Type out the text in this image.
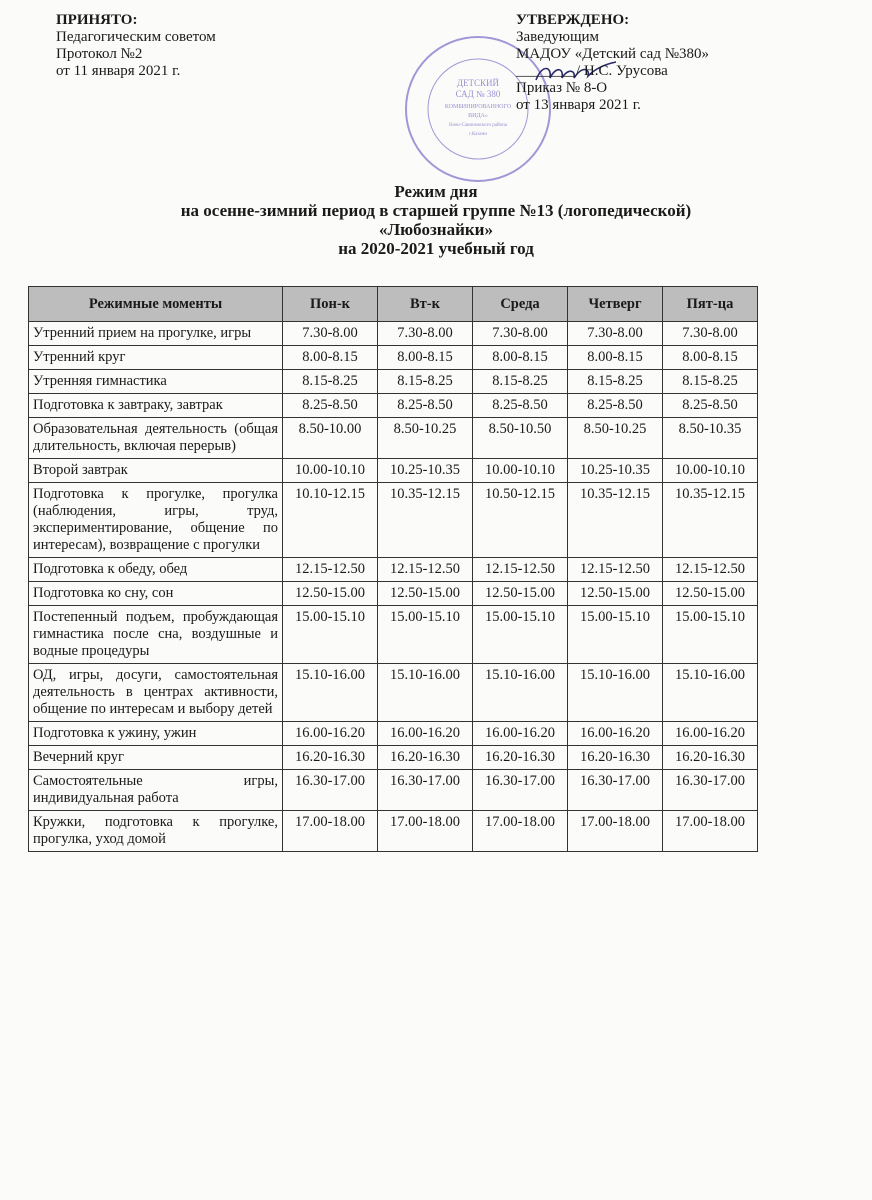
ПРИНЯТО:
Педагогическим советом
Протокол №2
от 11 января 2021 г.
ДЕТСКИЙ
САД № 380
КОМБИНИРОВАННОГО
ВИДА»
Ново-Савиновского района
г.Казани
УТВЕРЖДЕНО:
Заведующим
МАДОУ «Детский сад №380»
________/ Н.С. Урусова
Приказ № 8-О
от 13 января 2021 г.
Режим дня
на осенне-зимний период в старшей группе №13 (логопедической)
«Любознайки»
на 2020-2021 учебный год
Режимные моменты	Пон-к	Вт-к	Среда	Четверг	Пят-ца
Утренний прием на прогулке, игры	7.30-8.00	7.30-8.00	7.30-8.00	7.30-8.00	7.30-8.00
Утренний круг	8.00-8.15	8.00-8.15	8.00-8.15	8.00-8.15	8.00-8.15
Утренняя гимнастика	8.15-8.25	8.15-8.25	8.15-8.25	8.15-8.25	8.15-8.25
Подготовка к завтраку, завтрак	8.25-8.50	8.25-8.50	8.25-8.50	8.25-8.50	8.25-8.50
Образовательная деятельность (общая длительность, включая перерыв)	8.50-10.00	8.50-10.25	8.50-10.50	8.50-10.25	8.50-10.35
Второй завтрак	10.00-10.10	10.25-10.35	10.00-10.10	10.25-10.35	10.00-10.10
Подготовка к прогулке, прогулка (наблюдения, игры, труд, экспериментирование, общение по интересам), возвращение с прогулки	10.10-12.15	10.35-12.15	10.50-12.15	10.35-12.15	10.35-12.15
Подготовка к обеду, обед	12.15-12.50	12.15-12.50	12.15-12.50	12.15-12.50	12.15-12.50
Подготовка ко сну, сон	12.50-15.00	12.50-15.00	12.50-15.00	12.50-15.00	12.50-15.00
Постепенный подъем, пробуждающая гимнастика после сна, воздушные и водные процедуры	15.00-15.10	15.00-15.10	15.00-15.10	15.00-15.10	15.00-15.10
ОД, игры, досуги, самостоятельная деятельность в центрах активности, общение по интересам и выбору детей	15.10-16.00	15.10-16.00	15.10-16.00	15.10-16.00	15.10-16.00
Подготовка к ужину, ужин	16.00-16.20	16.00-16.20	16.00-16.20	16.00-16.20	16.00-16.20
Вечерний круг	16.20-16.30	16.20-16.30	16.20-16.30	16.20-16.30	16.20-16.30
Самостоятельные игры, индивидуальная работа	16.30-17.00	16.30-17.00	16.30-17.00	16.30-17.00	16.30-17.00
Кружки, подготовка к прогулке, прогулка, уход домой	17.00-18.00	17.00-18.00	17.00-18.00	17.00-18.00	17.00-18.00
